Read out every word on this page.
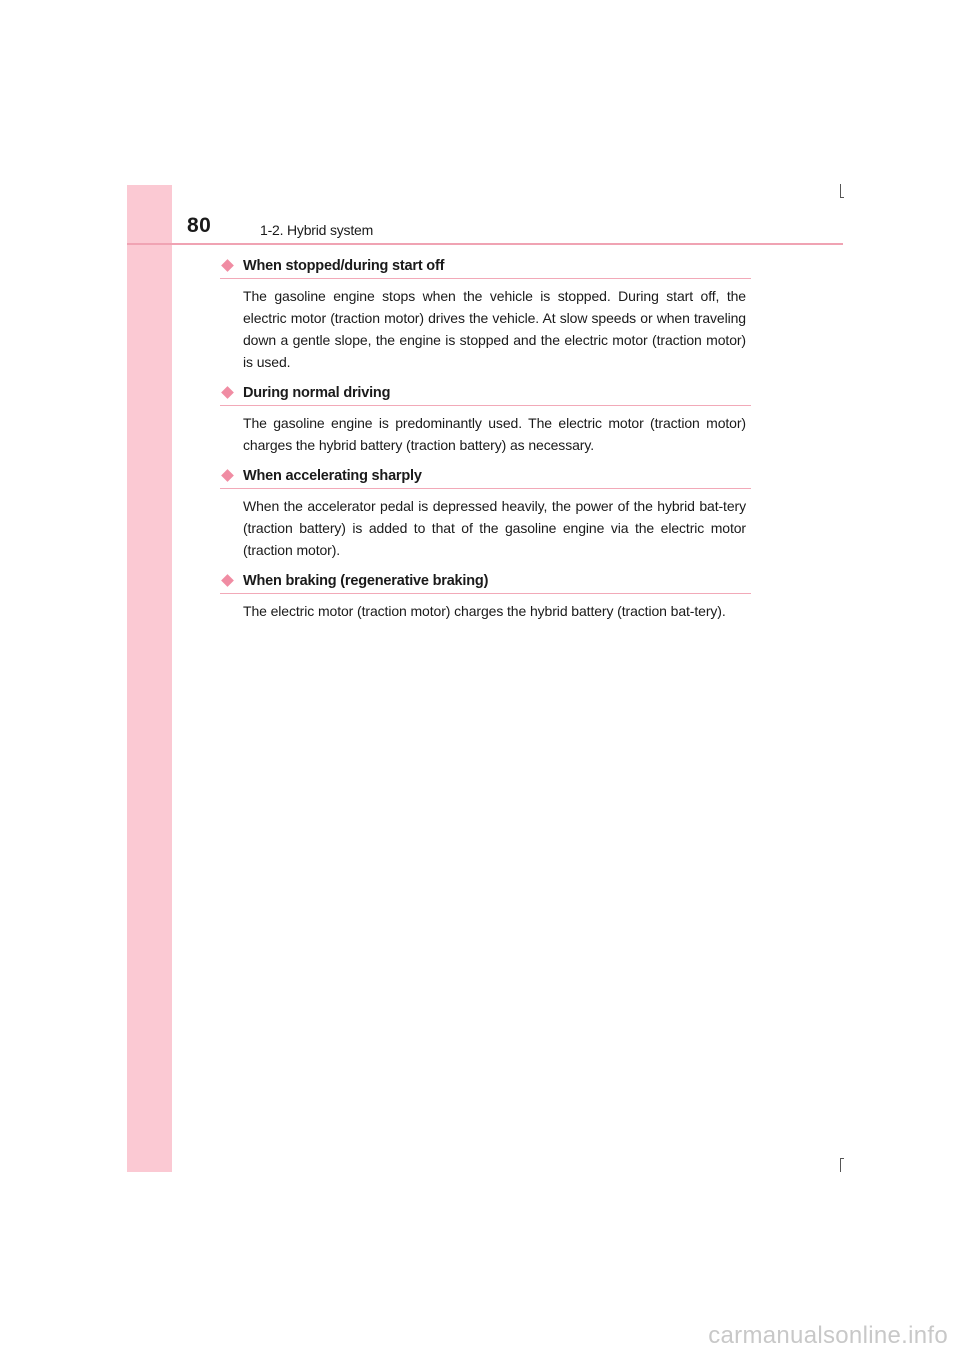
80	1-2. Hybrid system
When stopped/during start off
The gasoline engine stops when the vehicle is stopped. During start off, the electric motor (traction motor) drives the vehicle. At slow speeds or when traveling down a gentle slope, the engine is stopped and the electric motor (traction motor) is used.
During normal driving
The gasoline engine is predominantly used. The electric motor (traction motor) charges the hybrid battery (traction battery) as necessary.
When accelerating sharply
When the accelerator pedal is depressed heavily, the power of the hybrid bat-tery (traction battery) is added to that of the gasoline engine via the electric motor (traction motor).
When braking (regenerative braking)
The electric motor (traction motor) charges the hybrid battery (traction bat-tery).
carmanualsonline.info
